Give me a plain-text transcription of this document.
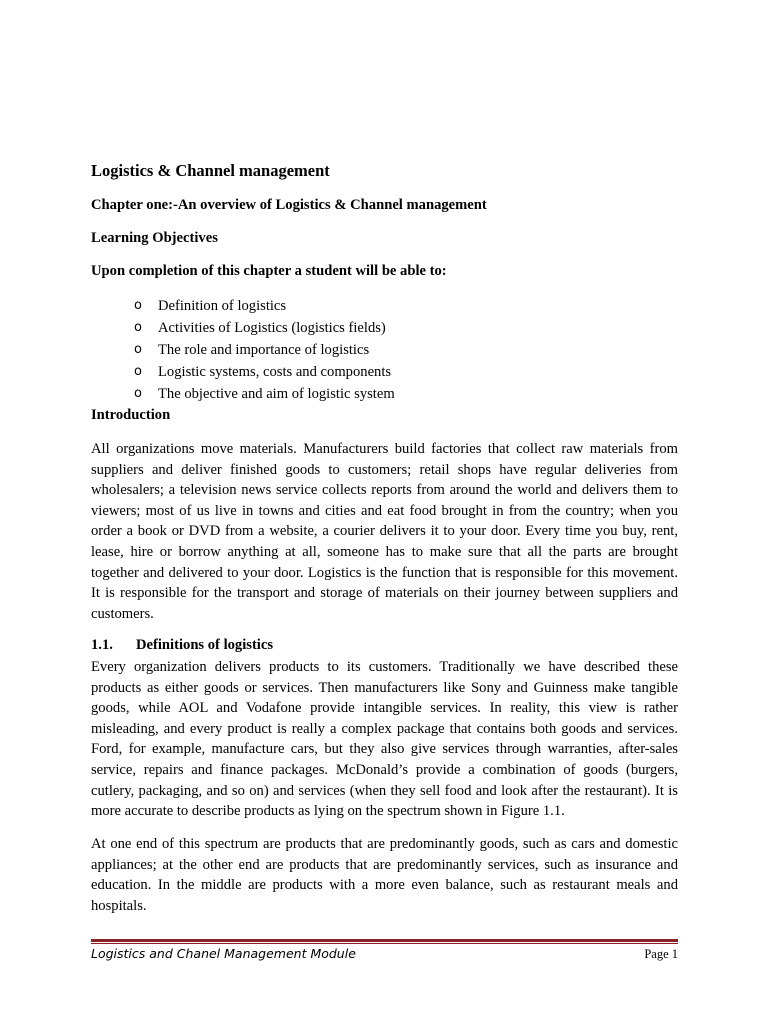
Logistics & Channel management
Chapter one:-An overview of Logistics & Channel management
Learning Objectives
Upon completion of this chapter a student will be able to:
o Definition of logistics
o Activities of Logistics (logistics fields)
o The role and importance of logistics
o Logistic systems, costs and components
o The objective and aim of logistic system
Introduction

All organizations move materials. Manufacturers build factories that collect raw materials from suppliers and deliver finished goods to customers; retail shops have regular deliveries from wholesalers; a television news service collects reports from around the world and delivers them to viewers; most of us live in towns and cities and eat food brought in from the country; when you order a book or DVD from a website, a courier delivers it to your door. Every time you buy, rent, lease, hire or borrow anything at all, someone has to make sure that all the parts are brought together and delivered to your door. Logistics is the function that is responsible for this movement. It is responsible for the transport and storage of materials on their journey between suppliers and customers.

1.1. Definitions of logistics

Every organization delivers products to its customers. Traditionally we have described these products as either goods or services. Then manufacturers like Sony and Guinness make tangible goods, while AOL and Vodafone provide intangible services. In reality, this view is rather misleading, and every product is really a complex package that contains both goods and services. Ford, for example, manufacture cars, but they also give services through warranties, after-sales service, repairs and finance packages. McDonald’s provide a combination of goods (burgers, cutlery, packaging, and so on) and services (when they sell food and look after the restaurant). It is more accurate to describe products as lying on the spectrum shown in Figure 1.1.

At one end of this spectrum are products that are predominantly goods, such as cars and domestic appliances; at the other end are products that are predominantly services, such as insurance and education. In the middle are products with a more even balance, such as restaurant meals and hospitals.

Logistics and Chanel Management Module	Page 1
